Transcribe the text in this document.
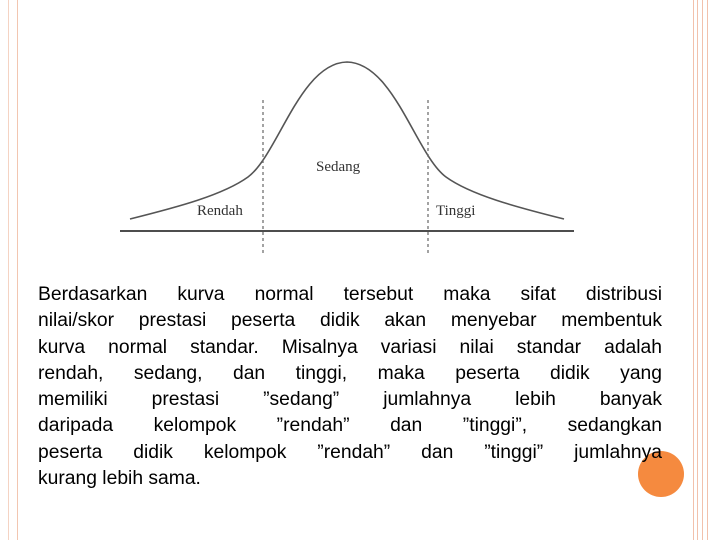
Sedang
Rendah	Tinggi

Berdasarkan kurva normal tersebut maka sifat distribusi
nilai/skor prestasi peserta didik akan menyebar membentuk
kurva normal standar. Misalnya variasi nilai standar adalah
rendah, sedang, dan tinggi, maka peserta didik yang
memiliki prestasi ”sedang” jumlahnya lebih banyak
daripada kelompok ”rendah” dan ”tinggi”, sedangkan
peserta didik kelompok ”rendah” dan ”tinggi” jumlahnya
kurang lebih sama.
